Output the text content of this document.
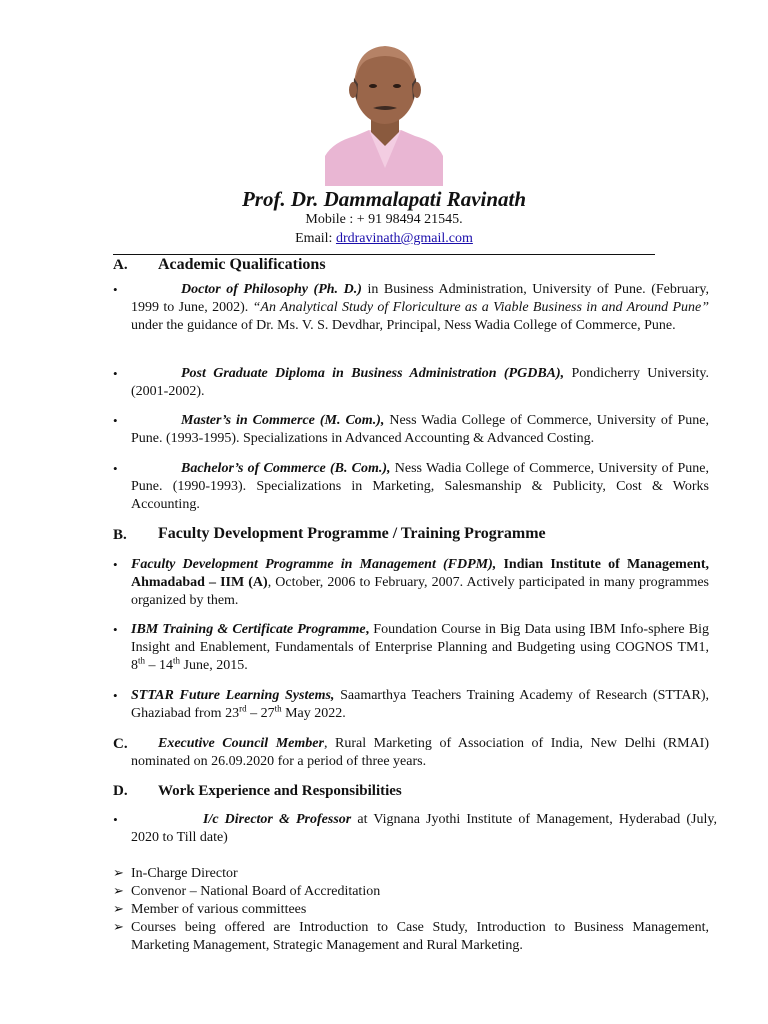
Prof. Dr. Dammalapati Ravinath
Mobile : + 91 98494 21545.
Email: drdravinath@gmail.com
A. Academic Qualifications
•	Doctor of Philosophy (Ph. D.) in Business Administration, University of Pune. (February, 1999 to June, 2002). “An Analytical Study of Floriculture as a Viable Business in and Around Pune” under the guidance of Dr. Ms. V. S. Devdhar, Principal, Ness Wadia College of Commerce, Pune.
•	Post Graduate Diploma in Business Administration (PGDBA), Pondicherry University. (2001-2002).
•	Master’s in Commerce (M. Com.), Ness Wadia College of Commerce, University of Pune, Pune. (1993-1995). Specializations in Advanced Accounting & Advanced Costing.
•	Bachelor’s of Commerce (B. Com.), Ness Wadia College of Commerce, University of Pune, Pune. (1990-1993). Specializations in Marketing, Salesmanship & Publicity, Cost & Works Accounting.
B. Faculty Development Programme / Training Programme
• Faculty Development Programme in Management (FDPM), Indian Institute of Management, Ahmadabad – IIM (A), October, 2006 to February, 2007. Actively participated in many programmes organized by them.
• IBM Training & Certificate Programme, Foundation Course in Big Data using IBM Info-sphere Big Insight and Enablement, Fundamentals of Enterprise Planning and Budgeting using COGNOS TM1, 8th – 14th June, 2015.
• STTAR Future Learning Systems, Saamarthya Teachers Training Academy of Research (STTAR), Ghaziabad from 23rd – 27th May 2022.
C.	Executive Council Member, Rural Marketing of Association of India, New Delhi (RMAI) nominated on 26.09.2020 for a period of three years.
D. Work Experience and Responsibilities
•	I/c Director & Professor at Vignana Jyothi Institute of Management, Hyderabad (July, 2020 to Till date)
➢ In-Charge Director
➢ Convenor – National Board of Accreditation
➢ Member of various committees
➢ Courses being offered are Introduction to Case Study, Introduction to Business Management, Marketing Management, Strategic Management and Rural Marketing.
